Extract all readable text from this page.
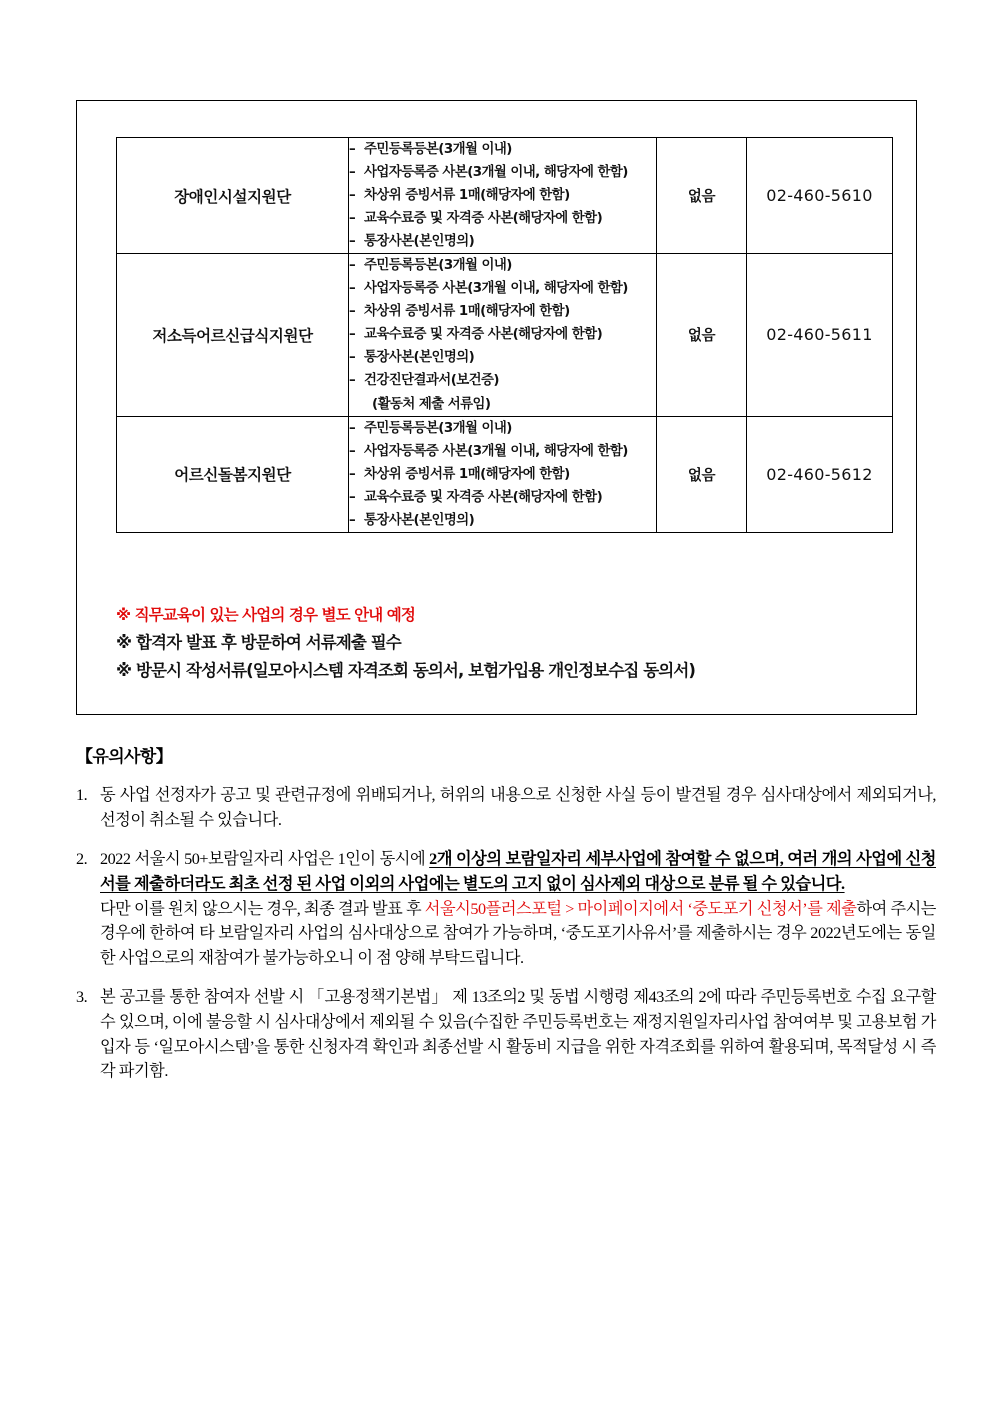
장애인시설지원단	
– 주민등록등본(3개월 이내)
– 사업자등록증 사본(3개월 이내, 해당자에 한함)
– 차상위 증빙서류 1매(해당자에 한함)
– 교육수료증 및 자격증 사본(해당자에 한함)
– 통장사본(본인명의)
	없음	02-460-5610
저소득어르신급식지원단	
– 주민등록등본(3개월 이내)
– 사업자등록증 사본(3개월 이내, 해당자에 한함)
– 차상위 증빙서류 1매(해당자에 한함)
– 교육수료증 및 자격증 사본(해당자에 한함)
– 통장사본(본인명의)
– 건강진단결과서(보건증)
(활동처 제출 서류임)
	없음	02-460-5611
어르신돌봄지원단	
– 주민등록등본(3개월 이내)
– 사업자등록증 사본(3개월 이내, 해당자에 한함)
– 차상위 증빙서류 1매(해당자에 한함)
– 교육수료증 및 자격증 사본(해당자에 한함)
– 통장사본(본인명의)
	없음	02-460-5612
※ 직무교육이 있는 사업의 경우 별도 안내 예정
※ 합격자 발표 후 방문하여 서류제출 필수
※ 방문시 작성서류(일모아시스템 자격조회 동의서, 보험가입용 개인정보수집 동의서)
【유의사항】
1. 동 사업 선정자가 공고 및 관련규정에 위배되거나, 허위의 내용으로 신청한 사실 등이 발견될 경우 심사대상에서 제외되거나, 선정이 취소될 수 있습니다.

2. 2022 서울시 50+보람일자리 사업은 1인이 동시에 2개 이상의 보람일자리 세부사업에 참여할 수 없으며, 여러 개의 사업에 신청서를 제출하더라도 최초 선정 된 사업 이외의 사업에는 별도의 고지 없이 심사제외 대상으로 분류 될 수 있습니다.

다만 이를 원치 않으시는 경우, 최종 결과 발표 후 서울시50플러스포털 > 마이페이지에서 ‘중도포기 신청서’를 제출하여 주시는 경우에 한하여 타 보람일자리 사업의 심사대상으로 참여가 가능하며, ‘중도포기사유서’를 제출하시는 경우 2022년도에는 동일한 사업으로의 재참여가 불가능하오니 이 점 양해 부탁드립니다.

3. 본 공고를 통한 참여자 선발 시 「고용정책기본법」 제 13조의2 및 동법 시행령 제43조의 2에 따라 주민등록번호 수집 요구할 수 있으며, 이에 불응할 시 심사대상에서 제외될 수 있음(수집한 주민등록번호는 재정지원일자리사업 참여여부 및 고용보험 가입자 등 ‘일모아시스템’을 통한 신청자격 확인과 최종선발 시 활동비 지급을 위한 자격조회를 위하여 활용되며, 목적달성 시 즉각 파기함.
